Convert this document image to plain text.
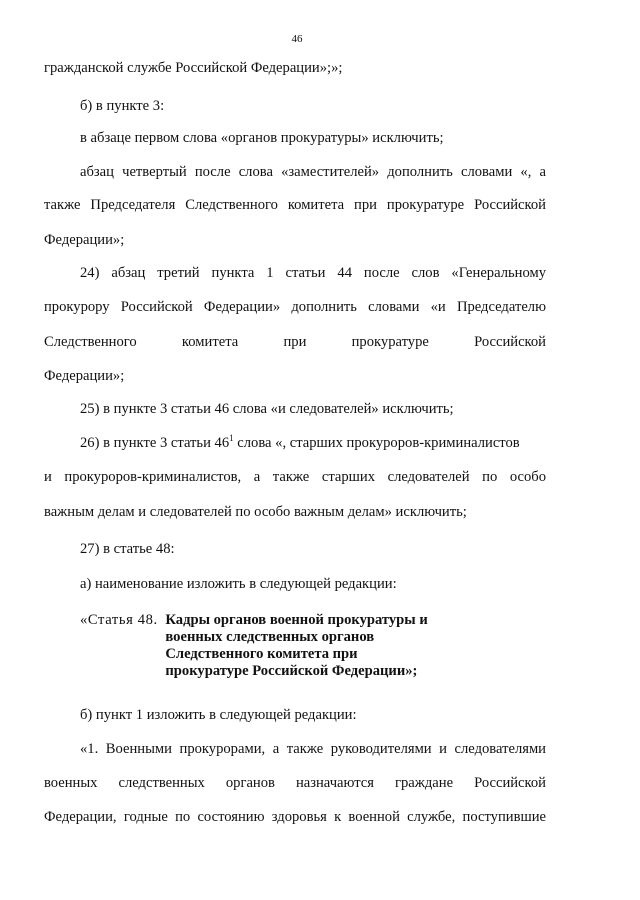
46
гражданской службе Российской Федерации»;»;
б) в пункте 3:
в абзаце первом слова «органов прокуратуры» исключить;
абзац четвертый после слова «заместителей» дополнить словами «, а
также Председателя Следственного комитета при прокуратуре Российской
Федерации»;
24) абзац третий пункта 1 статьи 44 после слов «Генеральному
прокурору Российской Федерации» дополнить словами «и Председателю
Следственного комитета при прокуратуре Российской
Федерации»;
25) в пункте 3 статьи 46 слова «и следователей» исключить;
26) в пункте 3 статьи $46^1$ слова «, старших прокуроров-криминалистов
и прокуроров-криминалистов, а также старших следователей по особо
важным делам и следователей по особо важным делам» исключить;
27) в статье 48:
а) наименование изложить в следующей редакции:
«Статья 48. Кадры органов военной прокуратуры и
военных следственных органов
Следственного комитета при
прокуратуре Российской Федерации»;
б) пункт 1 изложить в следующей редакции:
«1. Военными прокурорами, а также руководителями и следователями
военных следственных органов назначаются граждане Российской
Федерации, годные по состоянию здоровья к военной службе, поступившие
